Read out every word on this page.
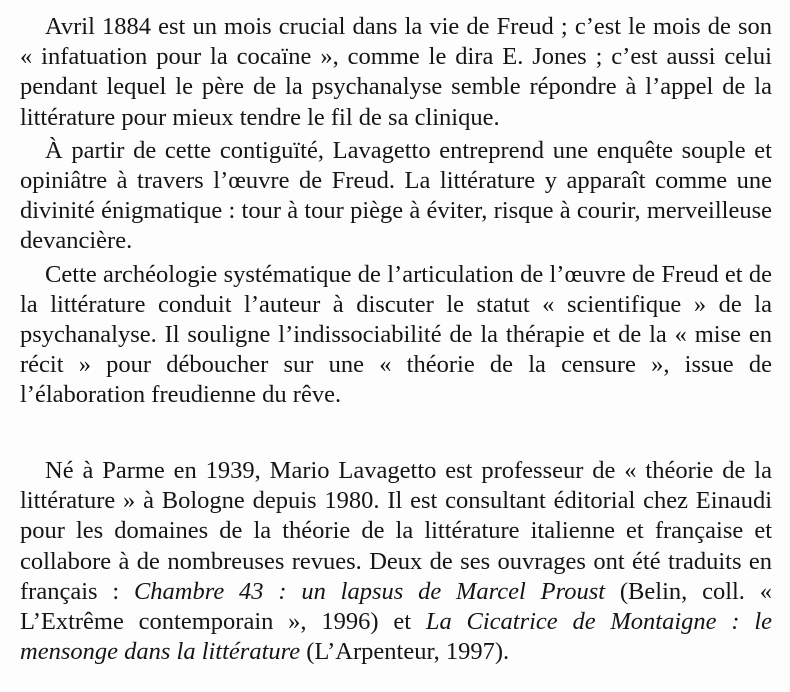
Avril 1884 est un mois crucial dans la vie de Freud ; c’est le mois de son « infatuation pour la cocaïne », comme le dira E. Jones ; c’est aussi celui pendant lequel le père de la psychanalyse semble répondre à l’appel de la littérature pour mieux tendre le fil de sa clinique.

À partir de cette contiguïté, Lavagetto entreprend une enquête souple et opiniâtre à travers l’œuvre de Freud. La littérature y apparaît comme une divinité énigmatique : tour à tour piège à éviter, risque à courir, merveilleuse devancière.

Cette archéologie systématique de l’articulation de l’œuvre de Freud et de la littérature conduit l’auteur à discuter le statut « scientifique » de la psychanalyse. Il souligne l’indissociabilité de la thérapie et de la « mise en récit » pour déboucher sur une « théorie de la censure », issue de l’élaboration freudienne du rêve.

Né à Parme en 1939, Mario Lavagetto est professeur de « théorie de la littérature » à Bologne depuis 1980. Il est consultant éditorial chez Einaudi pour les domaines de la théorie de la littérature italienne et française et collabore à de nombreuses revues. Deux de ses ouvrages ont été traduits en français : Chambre 43 : un lapsus de Marcel Proust (Belin, coll. « L’Extrême contemporain », 1996) et La Cicatrice de Montaigne : le mensonge dans la littérature (L’Arpenteur, 1997).
